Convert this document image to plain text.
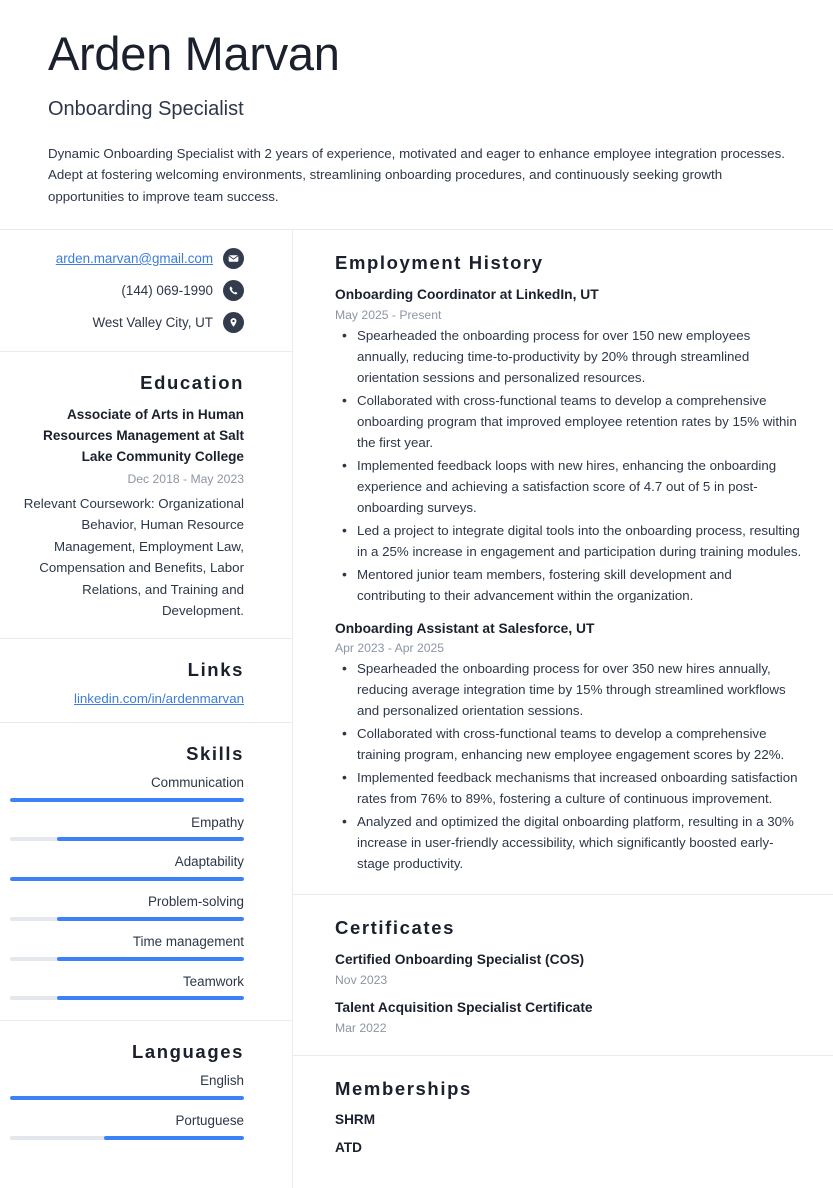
Arden Marvan
Onboarding Specialist
Dynamic Onboarding Specialist with 2 years of experience, motivated and eager to enhance employee integration processes. Adept at fostering welcoming environments, streamlining onboarding procedures, and continuously seeking growth opportunities to improve team success.
arden.marvan@gmail.com
(144) 069-1990
West Valley City, UT
Education
Associate of Arts in Human Resources Management at Salt Lake Community College
Dec 2018 - May 2023
Relevant Coursework: Organizational Behavior, Human Resource Management, Employment Law, Compensation and Benefits, Labor Relations, and Training and Development.
Links
linkedin.com/in/ardenmarvan
Skills
Communication
Empathy
Adaptability
Problem-solving
Time management
Teamwork
Languages
English
Portuguese
Employment History
Onboarding Coordinator at LinkedIn, UT
May 2025 - Present
• Spearheaded the onboarding process for over 150 new employees annually, reducing time-to-productivity by 20% through streamlined orientation sessions and personalized resources.
• Collaborated with cross-functional teams to develop a comprehensive onboarding program that improved employee retention rates by 15% within the first year.
• Implemented feedback loops with new hires, enhancing the onboarding experience and achieving a satisfaction score of 4.7 out of 5 in post-onboarding surveys.
• Led a project to integrate digital tools into the onboarding process, resulting in a 25% increase in engagement and participation during training modules.
• Mentored junior team members, fostering skill development and contributing to their advancement within the organization.
Onboarding Assistant at Salesforce, UT
Apr 2023 - Apr 2025
• Spearheaded the onboarding process for over 350 new hires annually, reducing average integration time by 15% through streamlined workflows and personalized orientation sessions.
• Collaborated with cross-functional teams to develop a comprehensive training program, enhancing new employee engagement scores by 22%.
• Implemented feedback mechanisms that increased onboarding satisfaction rates from 76% to 89%, fostering a culture of continuous improvement.
• Analyzed and optimized the digital onboarding platform, resulting in a 30% increase in user-friendly accessibility, which significantly boosted early-stage productivity.
Certificates
Certified Onboarding Specialist (COS)
Nov 2023
Talent Acquisition Specialist Certificate
Mar 2022
Memberships
SHRM
ATD
